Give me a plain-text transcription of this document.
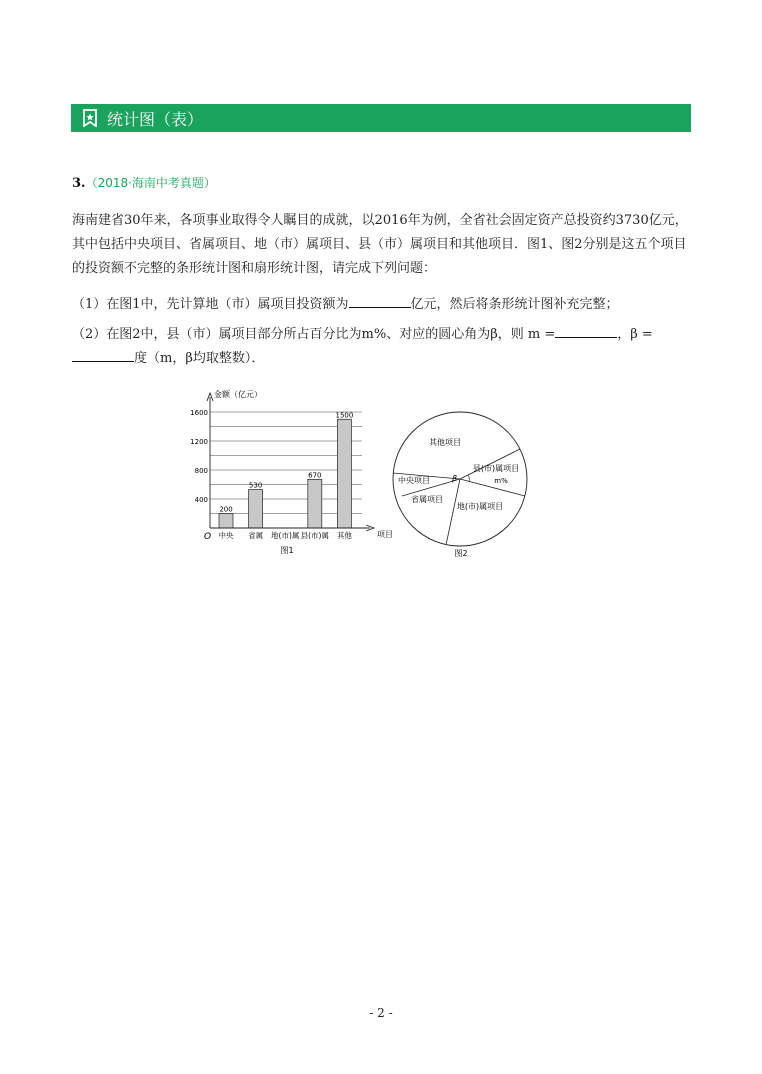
统计图（表）
3.（2018·海南中考真题）
海南建省30年来，各项事业取得令人瞩目的成就，以2016年为例，全省社会固定资产总投资约3730亿元，
其中包括中央项目、省属项目、地（市）属项目、县（市）属项目和其他项目．图1、图2分别是这五个项目
的投资额不完整的条形统计图和扇形统计图，请完成下列问题：
（1）在图1中，先计算地（市）属项目投资额为	亿元，然后将条形统计图补充完整；
（2）在图2中，县（市）属项目部分所占百分比为m%、对应的圆心角为β，则 m =	，β =
度（m，β均取整数）．
400
800
1200
1600
200
中央
530
省属 地(市)属
670
县(市)属
1500
其他
金额（亿元）
项目
O
图1
β
其他项目
县(市)属项目
m%
地(市)属项目
省属项目
中央项目
图2
- 2 -
